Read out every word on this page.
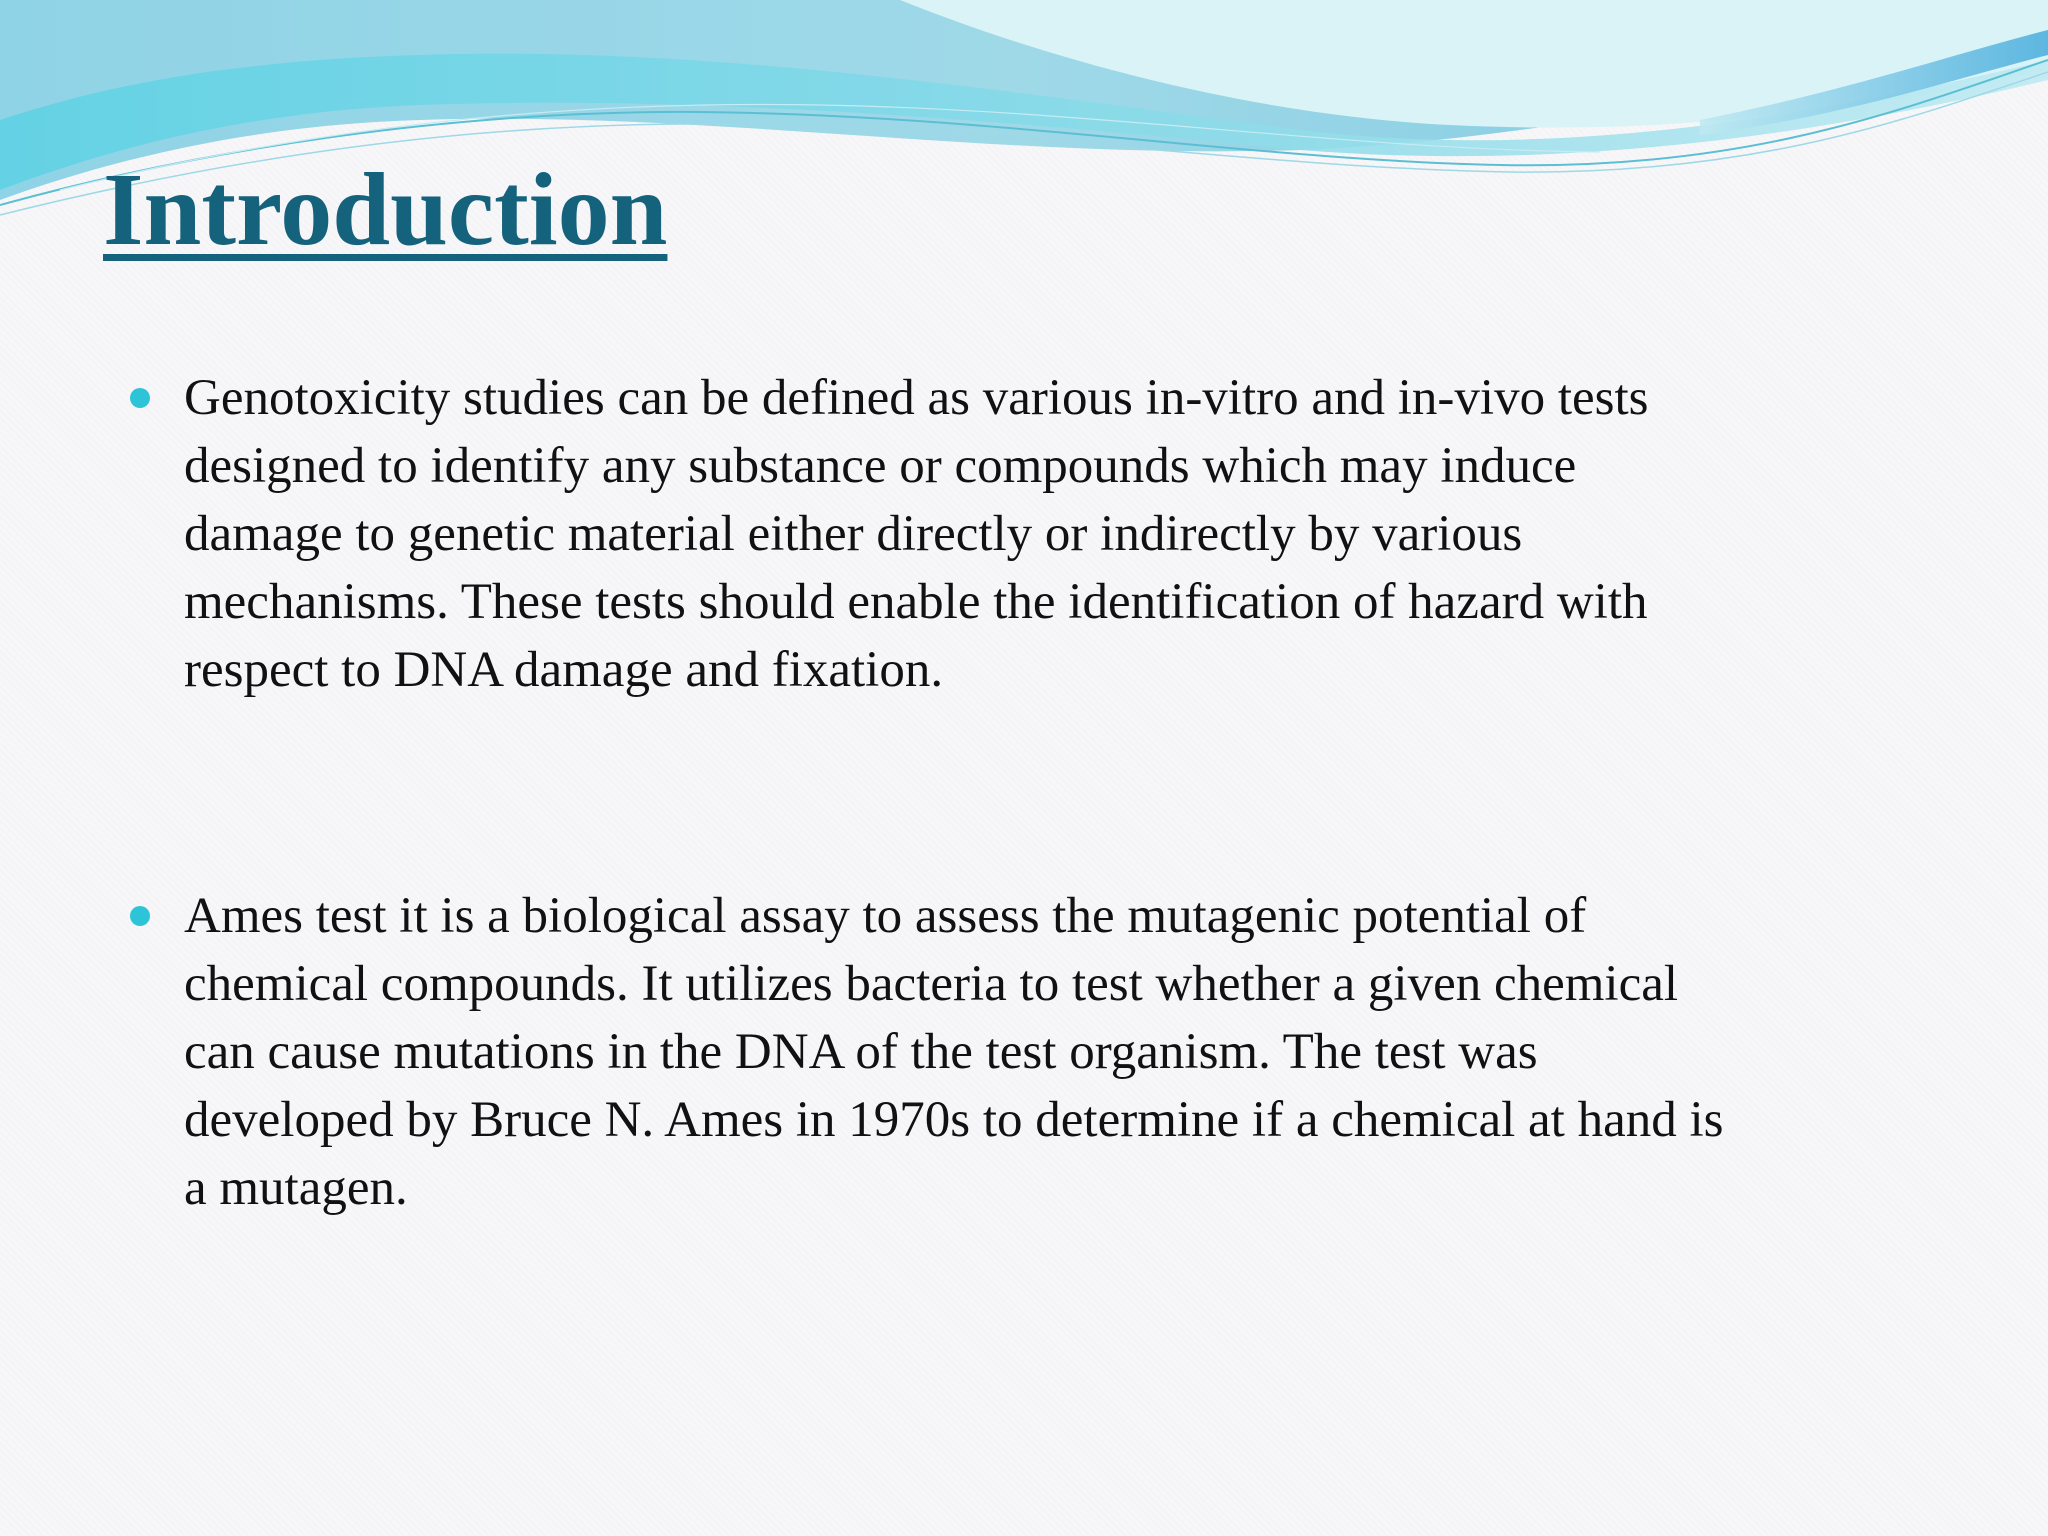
Introduction

Genotoxicity studies can be defined as various in-vitro and in-vivo tests
designed to identify any substance or compounds which may induce
damage to genetic material either directly or indirectly by various
mechanisms. These tests should enable the identification of hazard with
respect to DNA damage and fixation.

Ames test it is a biological assay to assess the mutagenic potential of
chemical compounds. It utilizes bacteria to test whether a given chemical
can cause mutations in the DNA of the test organism. The test was
developed by Bruce N. Ames in 1970s to determine if a chemical at hand is
a mutagen.
